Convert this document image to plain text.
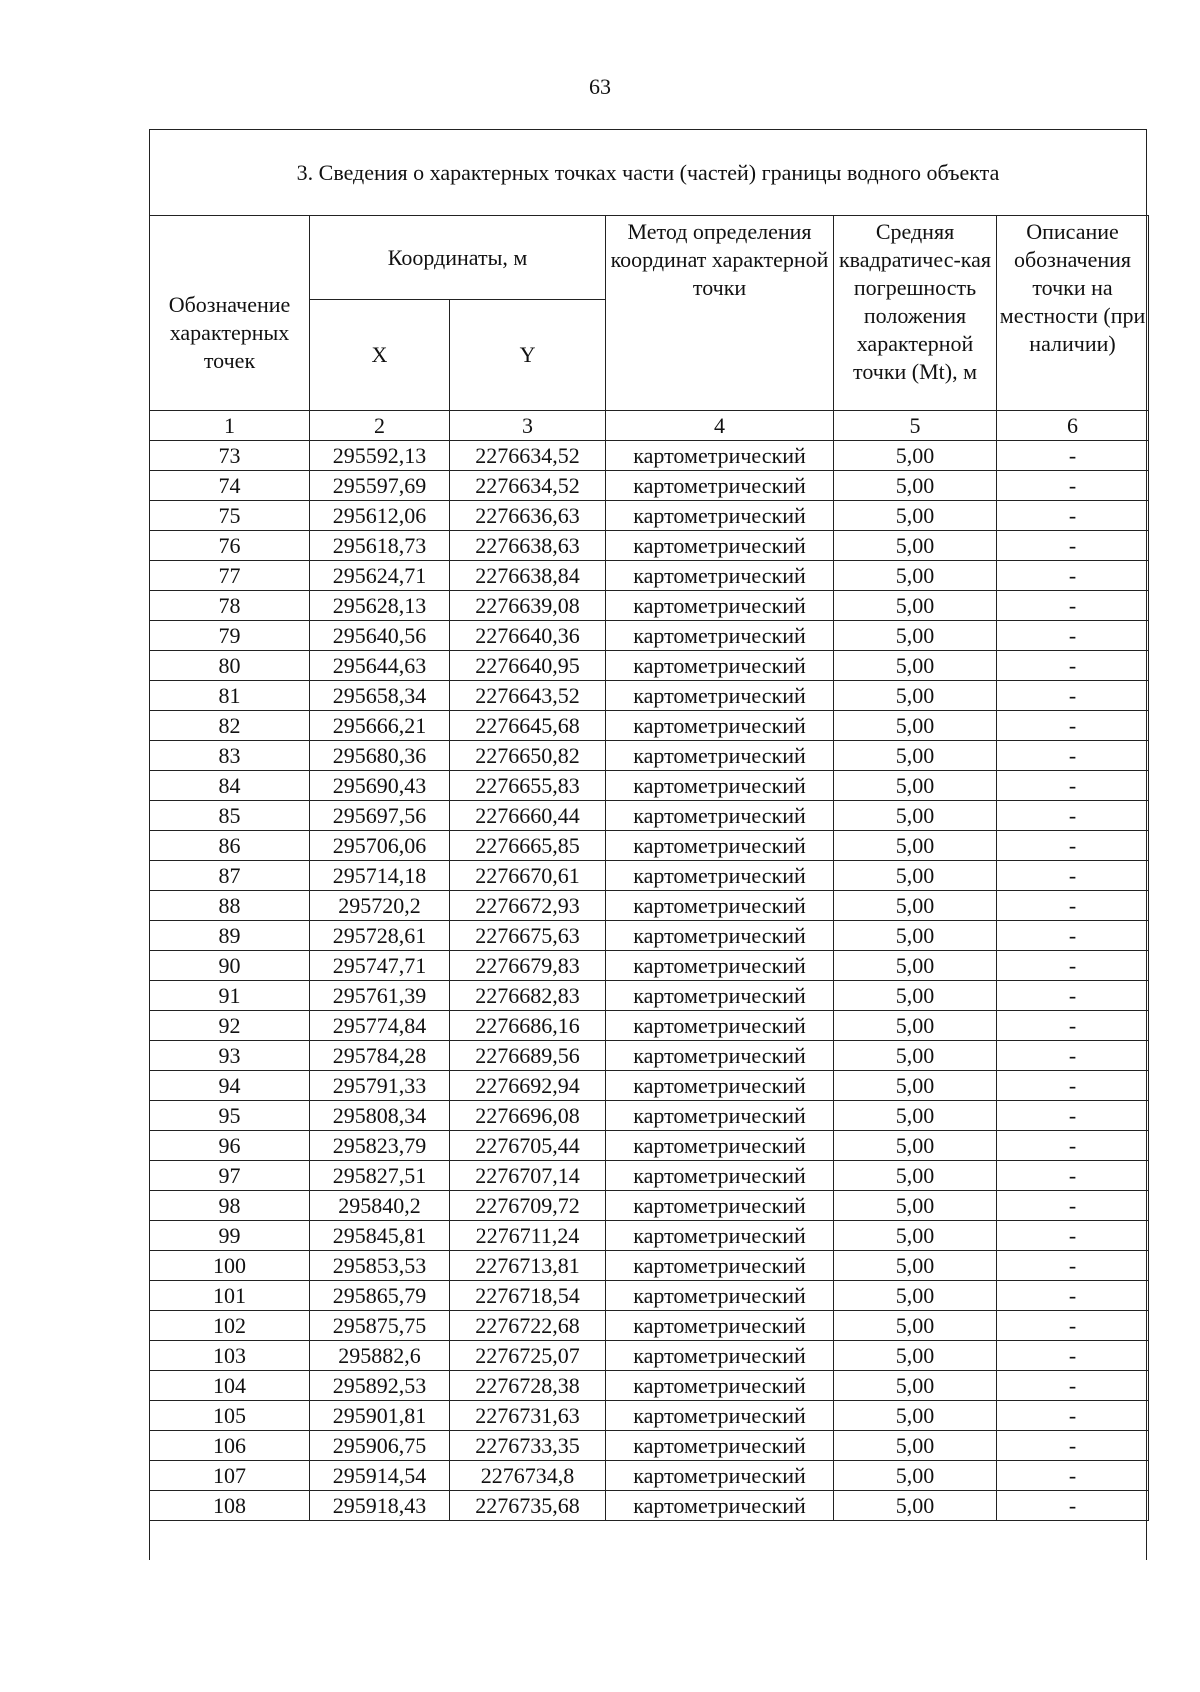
63
3. Сведения о характерных точках части (частей) границы водного объекта
Обозначение характерных точек	Координаты, м		Метод определения координат характерной точки	Средняя квадратичес-кая погрешность положения характерной точки (Mt), м	Описание обозначения точки на местности (при наличии)
	X	Y			
1	2	3	4	5	6
73	295592,13	2276634,52	картометрический	5,00	-
74	295597,69	2276634,52	картометрический	5,00	-
75	295612,06	2276636,63	картометрический	5,00	-
76	295618,73	2276638,63	картометрический	5,00	-
77	295624,71	2276638,84	картометрический	5,00	-
78	295628,13	2276639,08	картометрический	5,00	-
79	295640,56	2276640,36	картометрический	5,00	-
80	295644,63	2276640,95	картометрический	5,00	-
81	295658,34	2276643,52	картометрический	5,00	-
82	295666,21	2276645,68	картометрический	5,00	-
83	295680,36	2276650,82	картометрический	5,00	-
84	295690,43	2276655,83	картометрический	5,00	-
85	295697,56	2276660,44	картометрический	5,00	-
86	295706,06	2276665,85	картометрический	5,00	-
87	295714,18	2276670,61	картометрический	5,00	-
88	295720,2	2276672,93	картометрический	5,00	-
89	295728,61	2276675,63	картометрический	5,00	-
90	295747,71	2276679,83	картометрический	5,00	-
91	295761,39	2276682,83	картометрический	5,00	-
92	295774,84	2276686,16	картометрический	5,00	-
93	295784,28	2276689,56	картометрический	5,00	-
94	295791,33	2276692,94	картометрический	5,00	-
95	295808,34	2276696,08	картометрический	5,00	-
96	295823,79	2276705,44	картометрический	5,00	-
97	295827,51	2276707,14	картометрический	5,00	-
98	295840,2	2276709,72	картометрический	5,00	-
99	295845,81	2276711,24	картометрический	5,00	-
100	295853,53	2276713,81	картометрический	5,00	-
101	295865,79	2276718,54	картометрический	5,00	-
102	295875,75	2276722,68	картометрический	5,00	-
103	295882,6	2276725,07	картометрический	5,00	-
104	295892,53	2276728,38	картометрический	5,00	-
105	295901,81	2276731,63	картометрический	5,00	-
106	295906,75	2276733,35	картометрический	5,00	-
107	295914,54	2276734,8	картометрический	5,00	-
108	295918,43	2276735,68	картометрический	5,00	-
